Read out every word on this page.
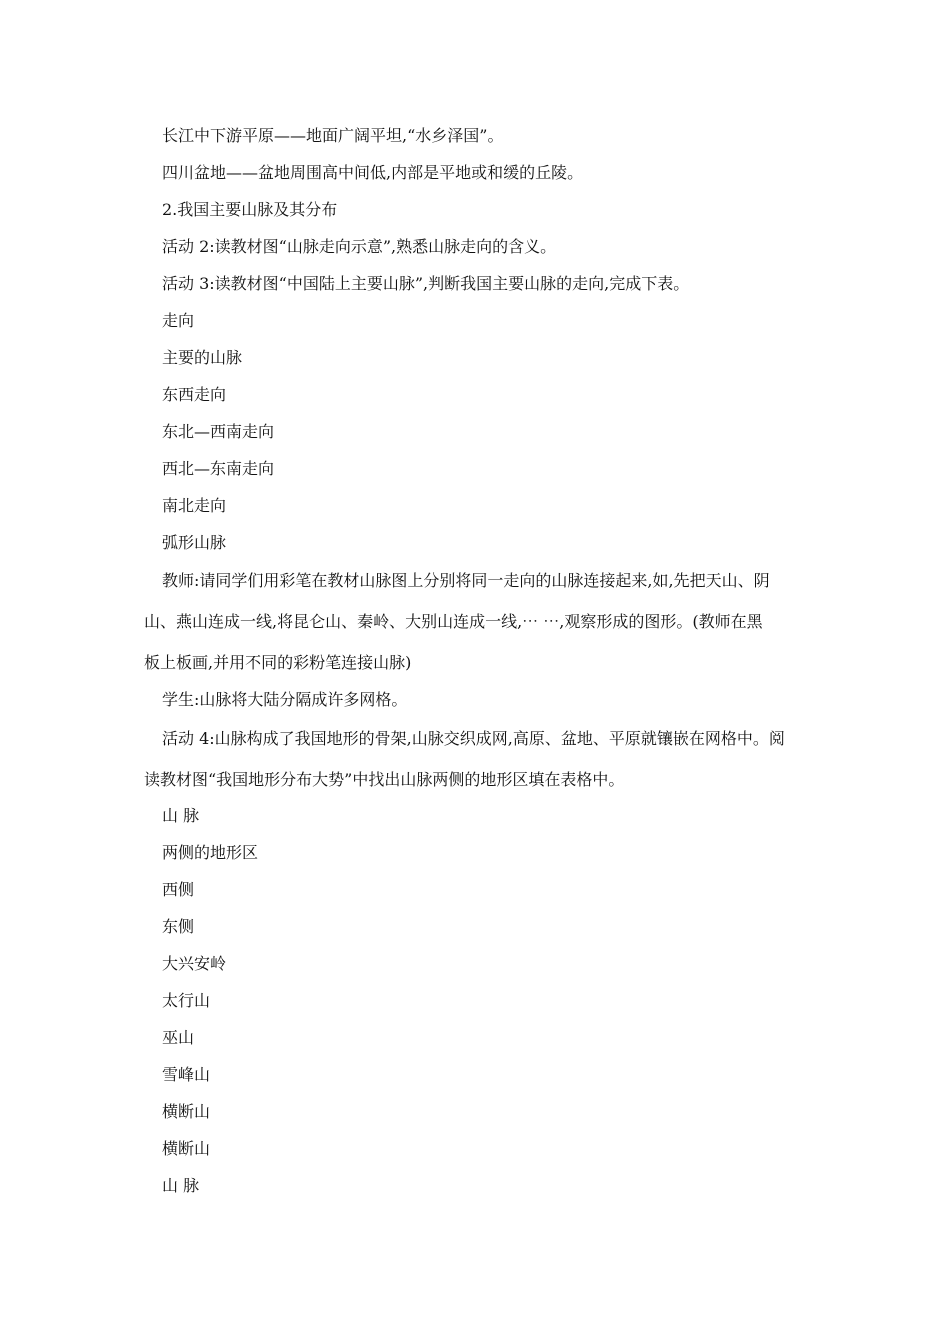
长江中下游平原——地面广阔平坦,“水乡泽国”。
四川盆地——盆地周围高中间低,内部是平地或和缓的丘陵。
2.我国主要山脉及其分布
活动 2:读教材图“山脉走向示意”,熟悉山脉走向的含义。
活动 3:读教材图“中国陆上主要山脉”,判断我国主要山脉的走向,完成下表。
走向
主要的山脉
东西走向
东北—西南走向
西北—东南走向
南北走向
弧形山脉
教师:请同学们用彩笔在教材山脉图上分别将同一走向的山脉连接起来,如,先把天山、阴
山、燕山连成一线,将昆仑山、秦岭、大别山连成一线,⋯ ⋯,观察形成的图形。(教师在黑
板上板画,并用不同的彩粉笔连接山脉)
学生:山脉将大陆分隔成许多网格。
活动 4:山脉构成了我国地形的骨架,山脉交织成网,高原、盆地、平原就镶嵌在网格中。阅
读教材图“我国地形分布大势”中找出山脉两侧的地形区填在表格中。
山 脉
两侧的地形区
西侧
东侧
大兴安岭
太行山
巫山
雪峰山
横断山
横断山
山 脉
